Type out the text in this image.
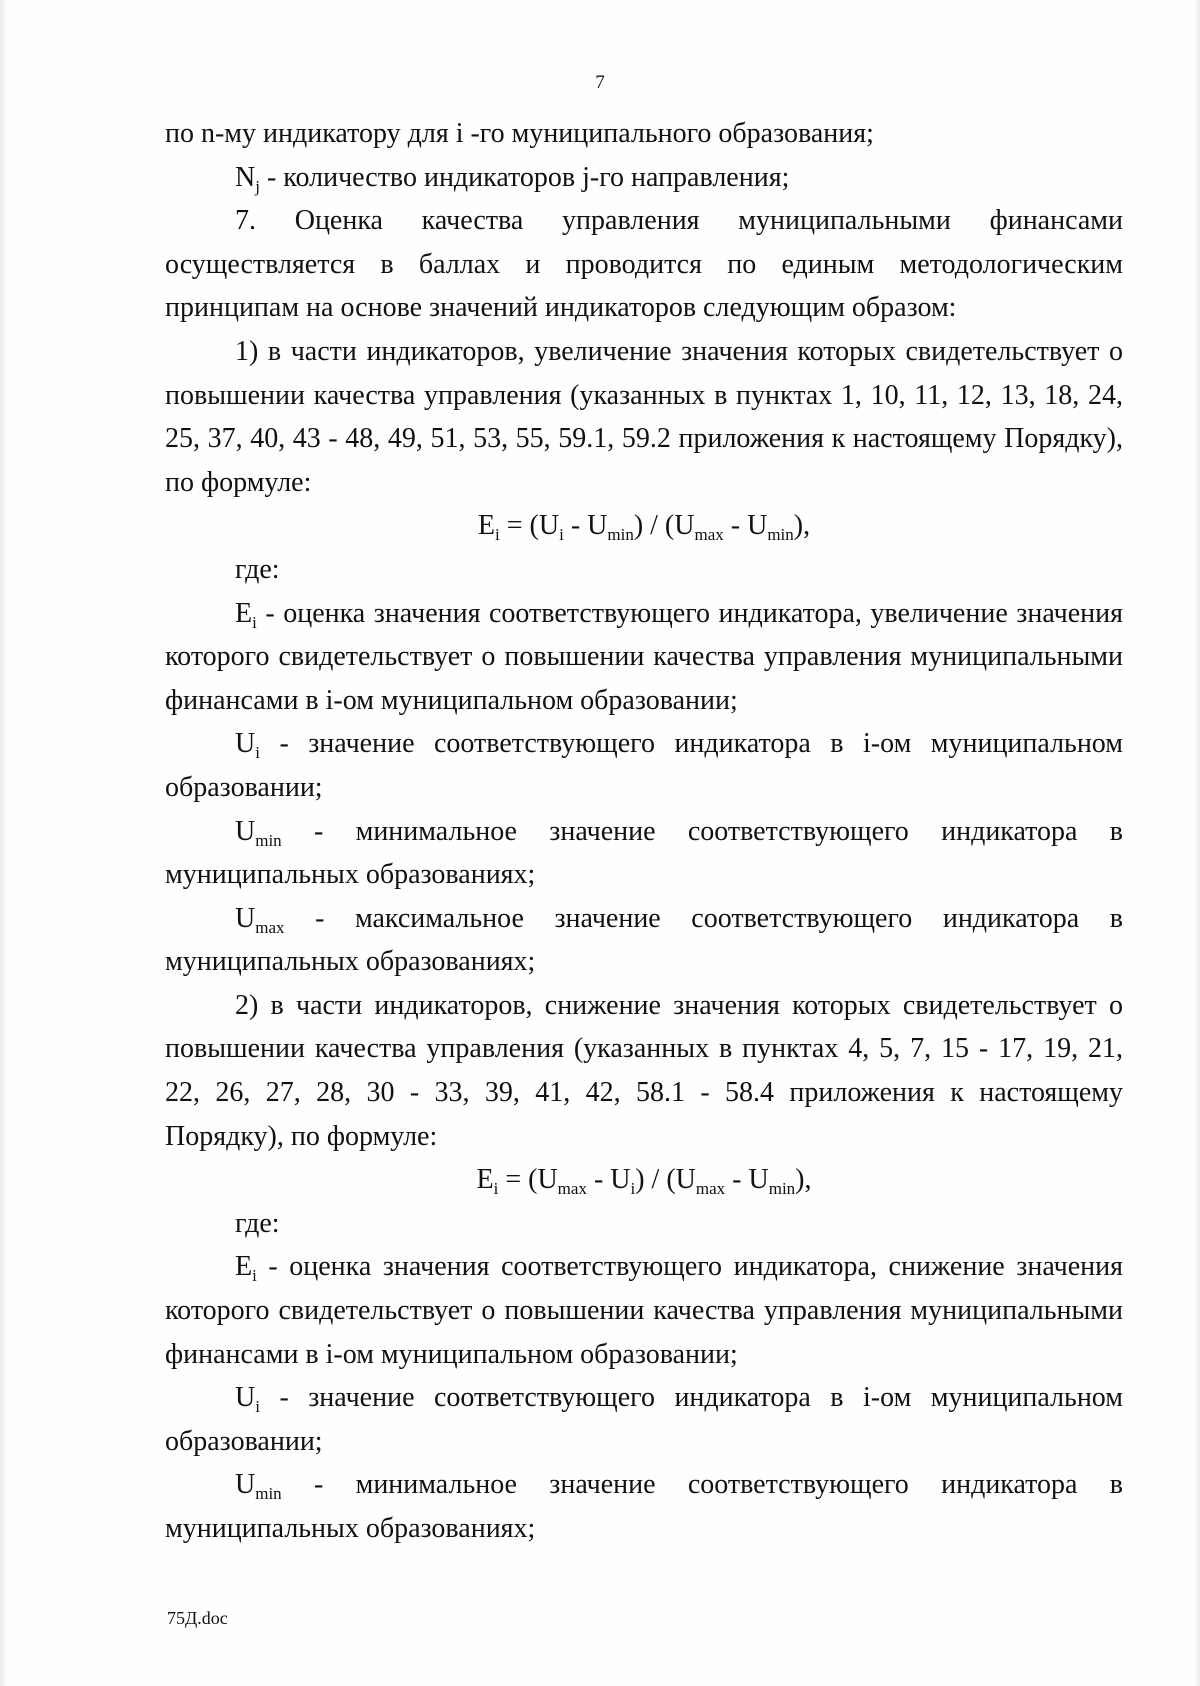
7

по n-му индикатору для i -го муниципального образования;

$N_j$ - количество индикаторов j-го направления;

7. Оценка качества управления муниципальными финансами осуществляется в баллах и проводится по единым методологическим принципам на основе значений индикаторов следующим образом:

1) в части индикаторов, увеличение значения которых свидетельствует о повышении качества управления (указанных в пунктах 1, 10, 11, 12, 13, 18, 24, 25, 37, 40, 43 - 48, 49, 51, 53, 55, 59.1, 59.2 приложения к настоящему Порядку), по формуле:

$E_i = (U_i - U_{min}) / (U_{max} - U_{min})$,

где:

$E_i$ - оценка значения соответствующего индикатора, увеличение значения которого свидетельствует о повышении качества управления муниципальными финансами в i-ом муниципальном образовании;

$U_i$ - значение соответствующего индикатора в i-ом муниципальном образовании;

$U_{min}$ - минимальное значение соответствующего индикатора в муниципальных образованиях;

$U_{max}$ - максимальное значение соответствующего индикатора в муниципальных образованиях;

2) в части индикаторов, снижение значения которых свидетельствует о повышении качества управления (указанных в пунктах 4, 5, 7, 15 - 17, 19, 21, 22, 26, 27, 28, 30 - 33, 39, 41, 42, 58.1 - 58.4 приложения к настоящему Порядку), по формуле:

$E_i = (U_{max} - U_i) / (U_{max} - U_{min})$,

где:

$E_i$ - оценка значения соответствующего индикатора, снижение значения которого свидетельствует о повышении качества управления муниципальными финансами в i-ом муниципальном образовании;

$U_i$ - значение соответствующего индикатора в i-ом муниципальном образовании;

$U_{min}$ - минимальное значение соответствующего индикатора в муниципальных образованиях;

75Д.doc
